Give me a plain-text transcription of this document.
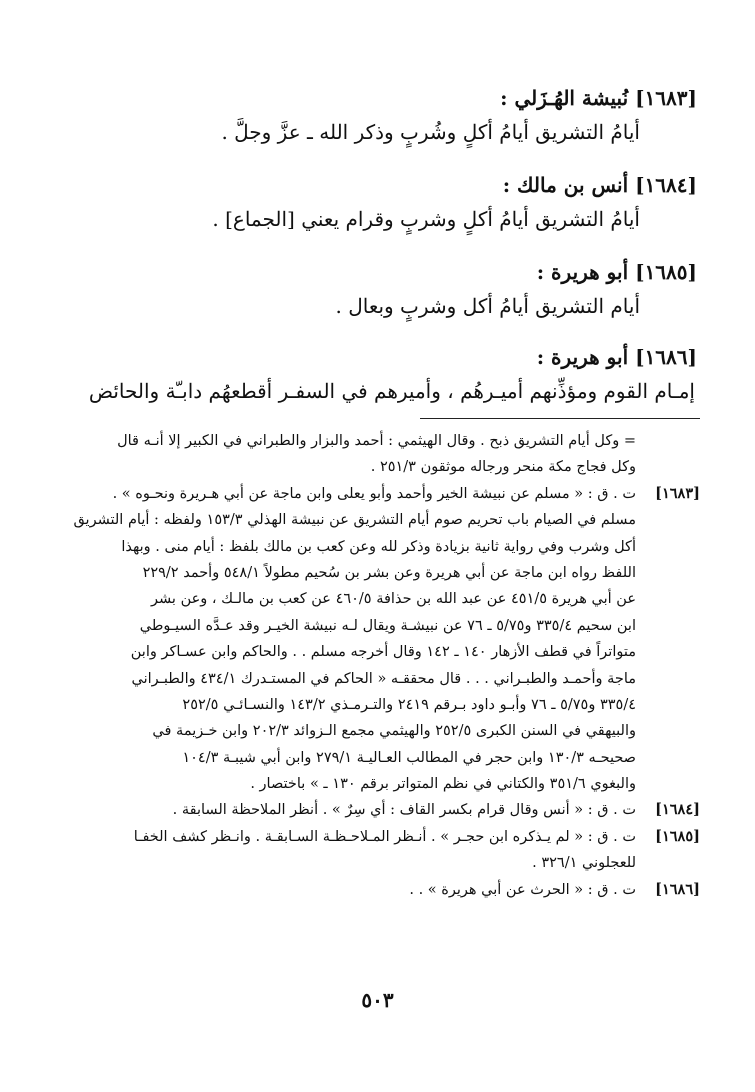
[١٦٨٣] نُبيشة الهُـزَلي :
أيامُ التشريق أيامُ أكلٍ وشُربٍ وذكر الله ـ عزَّ وجلَّ .
[١٦٨٤] أنس بن مالك :
أيامُ التشريق أيامُ أكلٍ وشربٍ وقرام يعني [الجماع] .
[١٦٨٥] أبو هريرة :
أيام التشريق أيامُ أكل وشربٍ وبعال .
[١٦٨٦] أبو هريرة :
إمـام القوم ومؤذِّنهم أميـرهُم ، وأميرهم في السفـر أقطعهُم دابـّة والحائض
= وكل أيام التشريق ذبح . وقال الهيثمي : أحمد والبزار والطبراني في الكبير إلا أنـه قال
وكل فجاج مكة منحر ورجاله موثقون ٢٥١/٣ .
[١٦٨٣]ت . ق : « مسلم عن نبيشة الخير وأحمد وأبو يعلى وابن ماجة عن أبي هـريرة ونحـوه » .
مسلم في الصيام باب تحريم صوم أيام التشريق عن نبيشة الهذلي ١٥٣/٣ ولفظه : أيام التشريق
أكل وشرب وفي رواية ثانية بزيادة وذكر لله وعن كعب بن مالك بلفظ : أيام منى . وبهذا
اللفظ رواه ابن ماجة عن أبي هريرة وعن بشر بن سُحيم مطولاً ٥٤٨/١ وأحمد ٢٢٩/٢
عن أبي هريرة ٤٥١/٥ عن عبد الله بن حذافة ٤٦٠/٥ عن كعب بن مالـك ، وعن بشر
ابن سحيم ٣٣٥/٤ و٥/٧٥ ـ ٧٦ عن نبيشـة ويقال لـه نبيشة الخيـر وقد عـدَّه السيـوطي
متواتراً في قطف الأزهار ١٤٠ ـ ١٤٢ وقال أخرجه مسلم . . والحاكم وابن عسـاكر وابن
ماجة وأحمـد والطبـراني . . . قال محققـه « الحاكم في المستـدرك ٤٣٤/١ والطبـراني
٣٣٥/٤ و٥/٧٥ ـ ٧٦ وأبـو داود بـرقم ٢٤١٩ والتـرمـذي ١٤٣/٢ والنسـائـي ٢٥٢/٥
والبيهقي في السنن الكبرى ٢٥٢/٥ والهيثمي مجمع الـزوائد ٢٠٢/٣ وابن خـزيمة في
صحيحـه ١٣٠/٣ وابن حجر في المطالب العـاليـة ٢٧٩/١ وابن أبي شيبـة ١٠٤/٣
والبغوي ٣٥١/٦ والكتاني في نظم المتواتر برقم ١٣٠ ـ » باختصار .
[١٦٨٤]ت . ق : « أنس وقال قرام بكسر القاف : أي سِرٌ » . أنظر الملاحظة السابقة .
[١٦٨٥]ت . ق : « لم يـذكره ابن حجـر » . أنـظر المـلاحـظـة السـابقـة . وانـظر كشف الخفـا
للعجلوني ٣٢٦/١ .
[١٦٨٦]ت . ق : « الحرث عن أبي هريرة » . .
٥٠٣
